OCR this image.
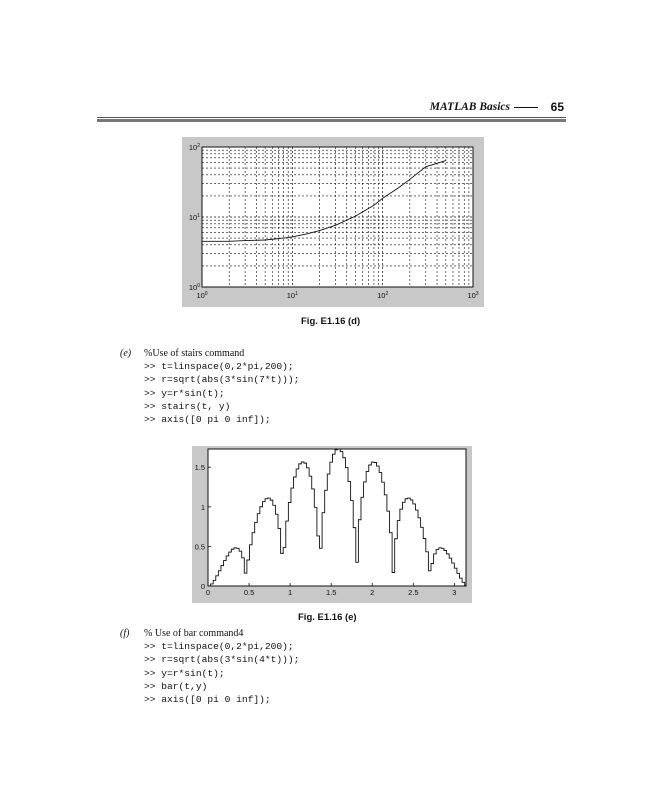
MATLAB Basics	65
$10^0$	$10^1$	$10^2$	$10^3$
$10^0$
$10^1$
$10^2$
Fig. E1.16 (d)
(e) %Use of stairs command
>> t=linspace(0,2*pi,200);
>> r=sqrt(abs(3*sin(7*t)));
>> y=r*sin(t);
>> stairs(t, y)
>> axis([0 pi 0 inf]);
0	0.5	1	1.5	2	2.5	3
0
0.5
1
1.5
Fig. E1.16 (e)
(f) % Use of bar command4
>> t=linspace(0,2*pi,200);
>> r=sqrt(abs(3*sin(4*t)));
>> y=r*sin(t);
>> bar(t,y)
>> axis([0 pi 0 inf]);
